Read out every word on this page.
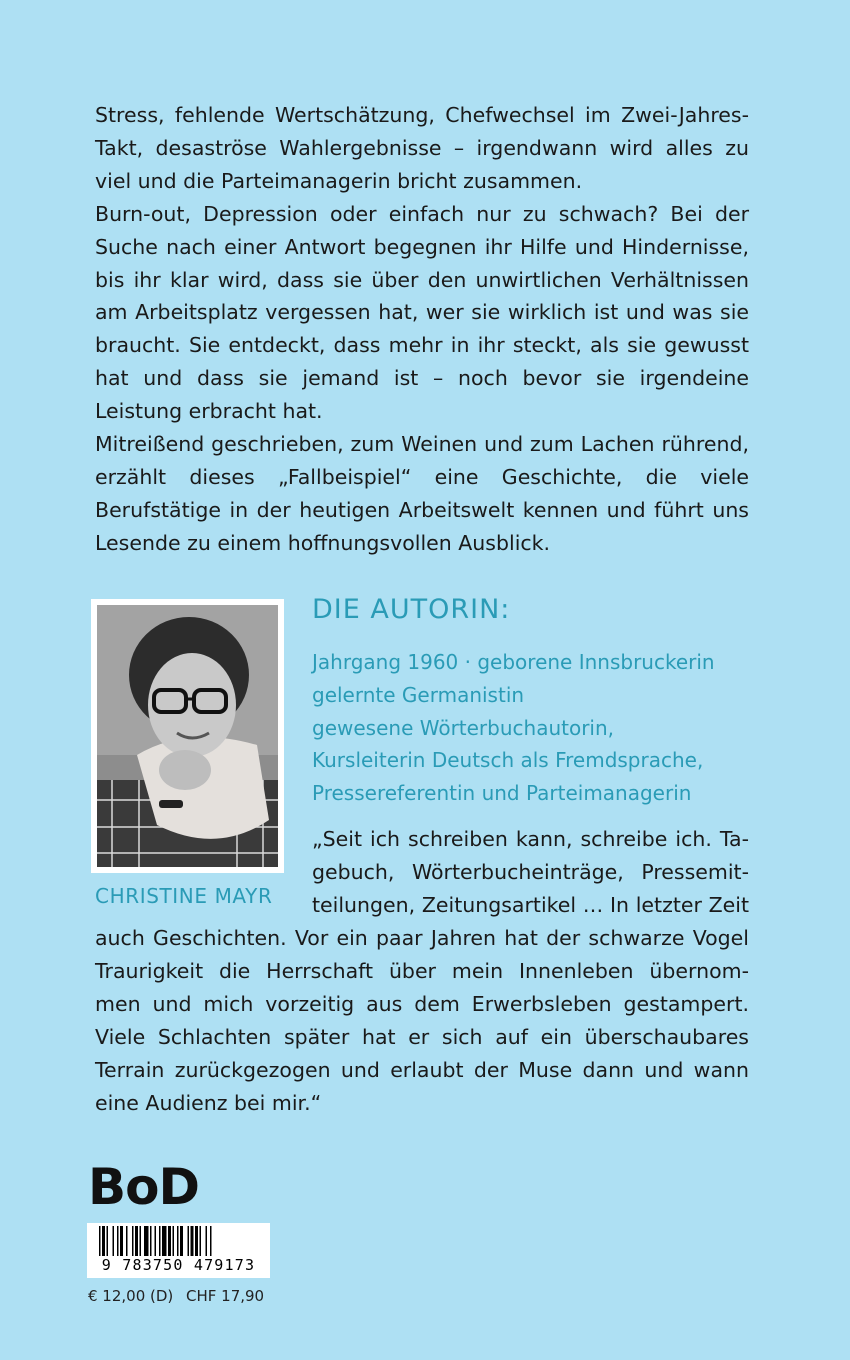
Stress, fehlende Wertschätzung, Chefwechsel im Zwei-Jahres-Takt, desaströse Wahlergebnisse – irgendwann wird alles zu viel und die Parteimanagerin bricht zusammen.

Burn-out, Depression oder einfach nur zu schwach? Bei der Suche nach einer Antwort begegnen ihr Hilfe und Hindernisse, bis ihr klar wird, dass sie über den unwirtlichen Verhältnissen am Arbeitsplatz vergessen hat, wer sie wirklich ist und was sie braucht. Sie entdeckt, dass mehr in ihr steckt, als sie gewusst hat und dass sie jemand ist – noch bevor sie irgendeine Leistung erbracht hat.

Mitreißend geschrieben, zum Weinen und zum Lachen rührend, erzählt dieses „Fallbeispiel“ eine Geschichte, die viele Berufstätige in der heutigen Arbeitswelt kennen und führt uns Lesende zu einem hoffnungsvollen Ausblick.

CHRISTINE MAYR
DIE AUTORIN:
Jahrgang 1960 · geborene Innsbruckerin
gelernte Germanistin
gewesene Wörterbuchautorin,
Kursleiterin Deutsch als Fremdsprache,
Pressereferentin und Parteimanagerin
„Seit ich schreiben kann, schreibe ich. Ta-
gebuch, Wörterbucheinträge, Pressemit-
teilungen, Zeitungsartikel … In letzter Zeit
auch Geschichten. Vor ein paar Jahren hat der schwarze Vogel
Traurigkeit die Herrschaft über mein Innenleben übernom-
men und mich vorzeitig aus dem Erwerbsleben gestampert.
Viele Schlachten später hat er sich auf ein überschaubares
Terrain zurückgezogen und erlaubt der Muse dann und wann
eine Audienz bei mir.“
BoD
9 783750 479173
€ 12,00 (D) CHF 17,90
